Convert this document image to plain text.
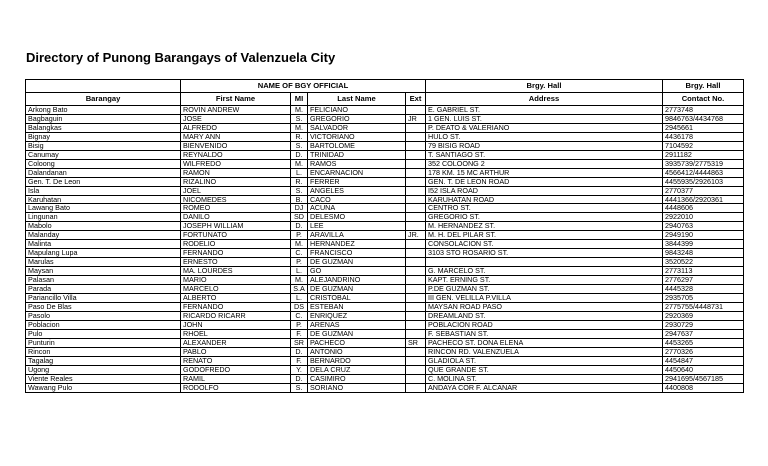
Directory of Punong Barangays of Valenzuela City
	NAME OF BGY OFFICIAL				Brgy. Hall	Brgy. Hall
Barangay	First Name	MI	Last Name	Ext	Address	Contact No.
Arkong Bato	ROVIN ANDREW	M.	FELICIANO		E. GABRIEL ST.	2773748
Bagbaguin	JOSE	S.	GREGORIO	JR	1 GEN. LUIS ST.	9846763/4434768
Balangkas	ALFREDO	M.	SALVADOR		P. DEATO & VALERIANO	2945661
Bignay	MARY ANN	R.	VICTORIANO		HULO ST.	4436178
Bisig	BIENVENIDO	S.	BARTOLOME		79 BISIG ROAD	7104592
Canumay	REYNALDO	D.	TRINIDAD		T. SANTIAGO ST.	2911182
Coloong	WILFREDO	M.	RAMOS		352 COLOONG 2	3935739/2775319
Dalandanan	RAMON	L.	ENCARNACION		178 KM. 15 MC ARTHUR	4566412/4444863
Gen. T. De Leon	RIZALINO	R.	FERRER		GEN. T. DE LEON ROAD	4455935/2926103
Isla	JOEL	S.	ANGELES		I52 ISLA ROAD	2770377
Karuhatan	NICOMEDES	B.	CACO		KARUHATAN ROAD	4441366/2920361
Lawang Bato	ROMEO	DJ	ACUNA		CENTRO ST.	4448606
Lingunan	DANILO	SD	DELESMO		GREGORIO ST.	2922010
Mabolo	JOSEPH WILLIAM	D.	LEE		M. HERNANDEZ ST.	2940763
Malanday	FORTUNATO	P.	ARAVILLA	JR.	M. H. DEL PILAR ST.	2949190
Malinta	RODELIO	M.	HERNANDEZ		CONSOLACION ST.	3844399
Mapulang Lupa	FERNANDO	C.	FRANCISCO		3103 STO ROSARIO ST.	9843248
Marulas	ERNESTO	P.	DE GUZMAN			3520522
Maysan	MA. LOURDES	L.	GO		G. MARCELO ST.	2773113
Palasan	MARIO	M.	ALEJANDRINO		KAPT. ERNING ST.	2776297
Parada	MARCELO	S.A	DE GUZMAN		P.DE GUZMAN ST.	4445328
Pariancillo Villa	ALBERTO	L.	CRISTOBAL		III GEN. VELILLA P.VILLA	2935705
Paso De Blas	FERNANDO	DS	ESTEBAN		MAYSAN ROAD PASO	2775755/4448731
Pasolo	RICARDO RICARR	C.	ENRIQUEZ		DREAMLAND ST.	2920369
Poblacion	JOHN	P.	ARENAS		POBLACION ROAD	2930729
Pulo	RHOEL	F.	DE GUZMAN		F. SEBASTIAN ST.	2947637
Punturin	ALEXANDER	SR	PACHECO	SR	PACHECO ST. DONA ELENA	4453265
Rincon	PABLO	D.	ANTONIO		RINCON RD. VALENZUELA	2770326
Tagalag	RENATO	F.	BERNARDO		GLADIOLA ST.	4454847
Ugong	GODOFREDO	Y.	DELA CRUZ		QUE GRANDE ST.	4450640
Viente Reales	RAMIL	D.	CASIMIRO		C. MOLINA ST.	2941695/4567185
Wawang Pulo	RODOLFO	S.	SORIANO		ANDAYA COR F. ALCANAR	4400808
